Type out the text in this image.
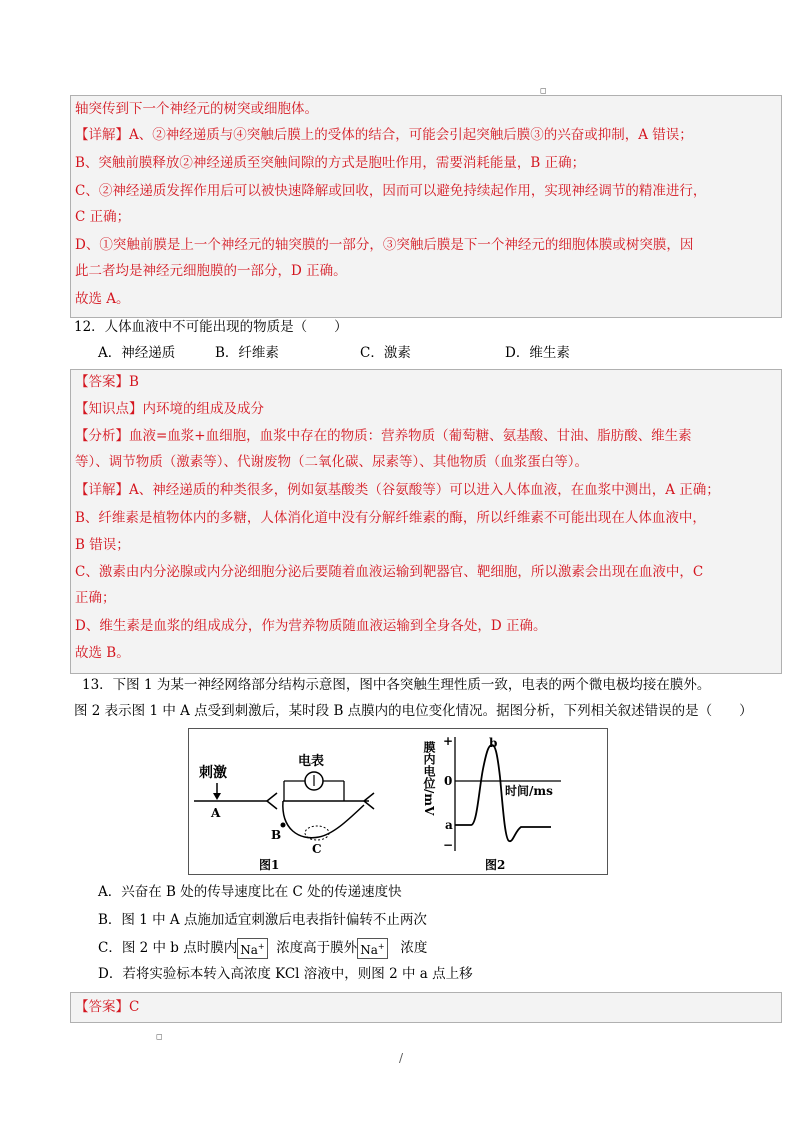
◻
轴突传到下一个神经元的树突或细胞体。
【详解】A、②神经递质与④突触后膜上的受体的结合，可能会引起突触后膜③的兴奋或抑制，A 错误；
B、突触前膜释放②神经递质至突触间隙的方式是胞吐作用，需要消耗能量，B 正确；
C、②神经递质发挥作用后可以被快速降解或回收，因而可以避免持续起作用，实现神经调节的精准进行，
C 正确；
D、①突触前膜是上一个神经元的轴突膜的一部分，③突触后膜是下一个神经元的细胞体膜或树突膜，因
此二者均是神经元细胞膜的一部分，D 正确。
故选 A。
12．人体血液中不可能出现的物质是（　　）
A．神经递质	B．纤维素	C．激素	D．维生素
【答案】B
【知识点】内环境的组成及成分
【分析】血液=血浆+血细胞，血浆中存在的物质：营养物质（葡萄糖、氨基酸、甘油、脂肪酸、维生素
等）、调节物质（激素等）、代谢废物（二氧化碳、尿素等）、其他物质（血浆蛋白等）。
【详解】A、神经递质的种类很多，例如氨基酸类（谷氨酸等）可以进入人体血液，在血浆中测出，A 正确；
B、纤维素是植物体内的多糖，人体消化道中没有分解纤维素的酶，所以纤维素不可能出现在人体血液中，
B 错误；
C、激素由内分泌腺或内分泌细胞分泌后要随着血液运输到靶器官、靶细胞，所以激素会出现在血液中，C
正确；
D、维生素是血浆的组成成分，作为营养物质随血液运输到全身各处，D 正确。
故选 B。
13．下图 1 为某一神经网络部分结构示意图，图中各突触生理性质一致，电表的两个微电极均接在膜外。
图 2 表示图 1 中 A 点受到刺激后，某时段 B 点膜内的电位变化情况。据图分析，下列相关叙述错误的是（　　）
刺激
A
电表
B
C
图1
+
−
0
a
b
膜内电位/mV	时间/ms
图2
A．兴奋在 B 处的传导速度比在 C 处的传递速度快
B．图 1 中 A 点施加适宜刺激后电表指针偏转不止两次
C．图 2 中 b 点时膜内 Na+ 浓度高于膜外 Na+ 浓度
D．若将实验标本转入高浓度 KCl 溶液中，则图 2 中 a 点上移
【答案】C
◻
/
